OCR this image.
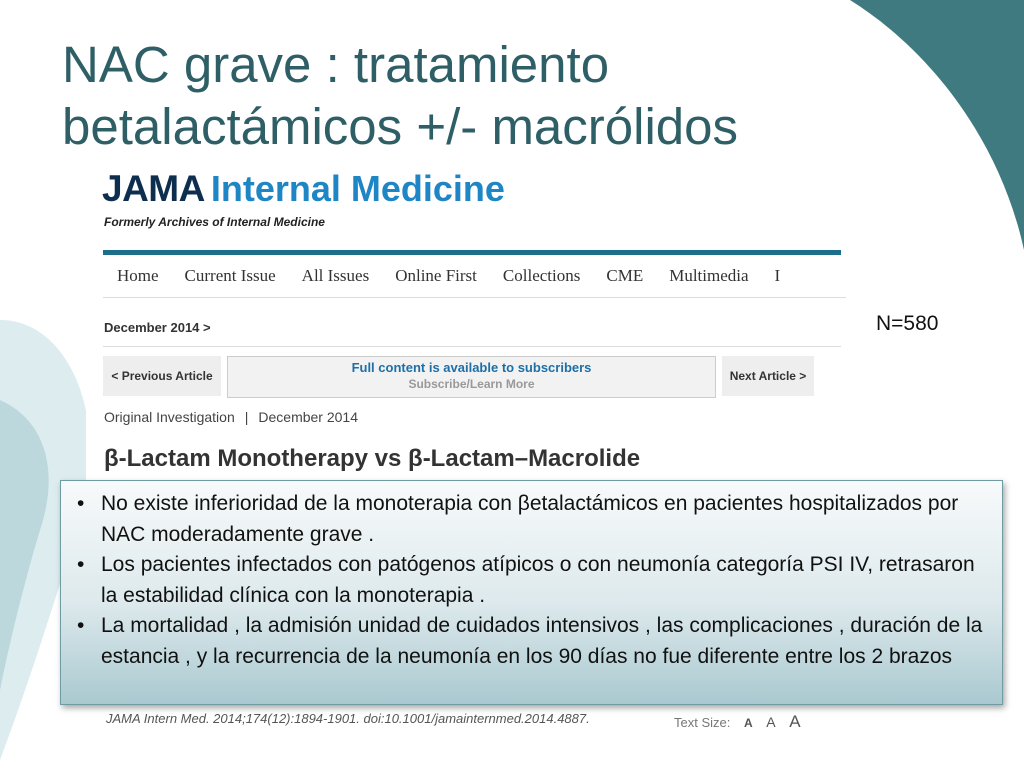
NAC grave : tratamiento
betalactámicos +/- macrólidos
JAMA Internal Medicine
Formerly Archives of Internal Medicine
Home	Current Issue	All Issues	Online First	Collections	CME	Multimedia	I
December 2014 >
< Previous Article
Full content is available to subscribers
Subscribe/Learn More
Next Article >
Original Investigation | December 2014
β-Lactam Monotherapy vs β-Lactam–Macrolide
JAMA Intern Med. 2014;174(12):1894-1901. doi:10.1001/jamainternmed.2014.4887.	Text Size: A A A
N=580
• No existe inferioridad de la monoterapia con βetalactámicos en pacientes hospitalizados por NAC moderadamente grave .
• Los pacientes infectados con patógenos atípicos o con neumonía categoría PSI IV, retrasaron la estabilidad clínica con la monoterapia .
• La mortalidad , la admisión unidad de cuidados intensivos , las complicaciones , duración de la estancia , y la recurrencia de la neumonía en los 90 días no fue diferente entre los 2 brazos
